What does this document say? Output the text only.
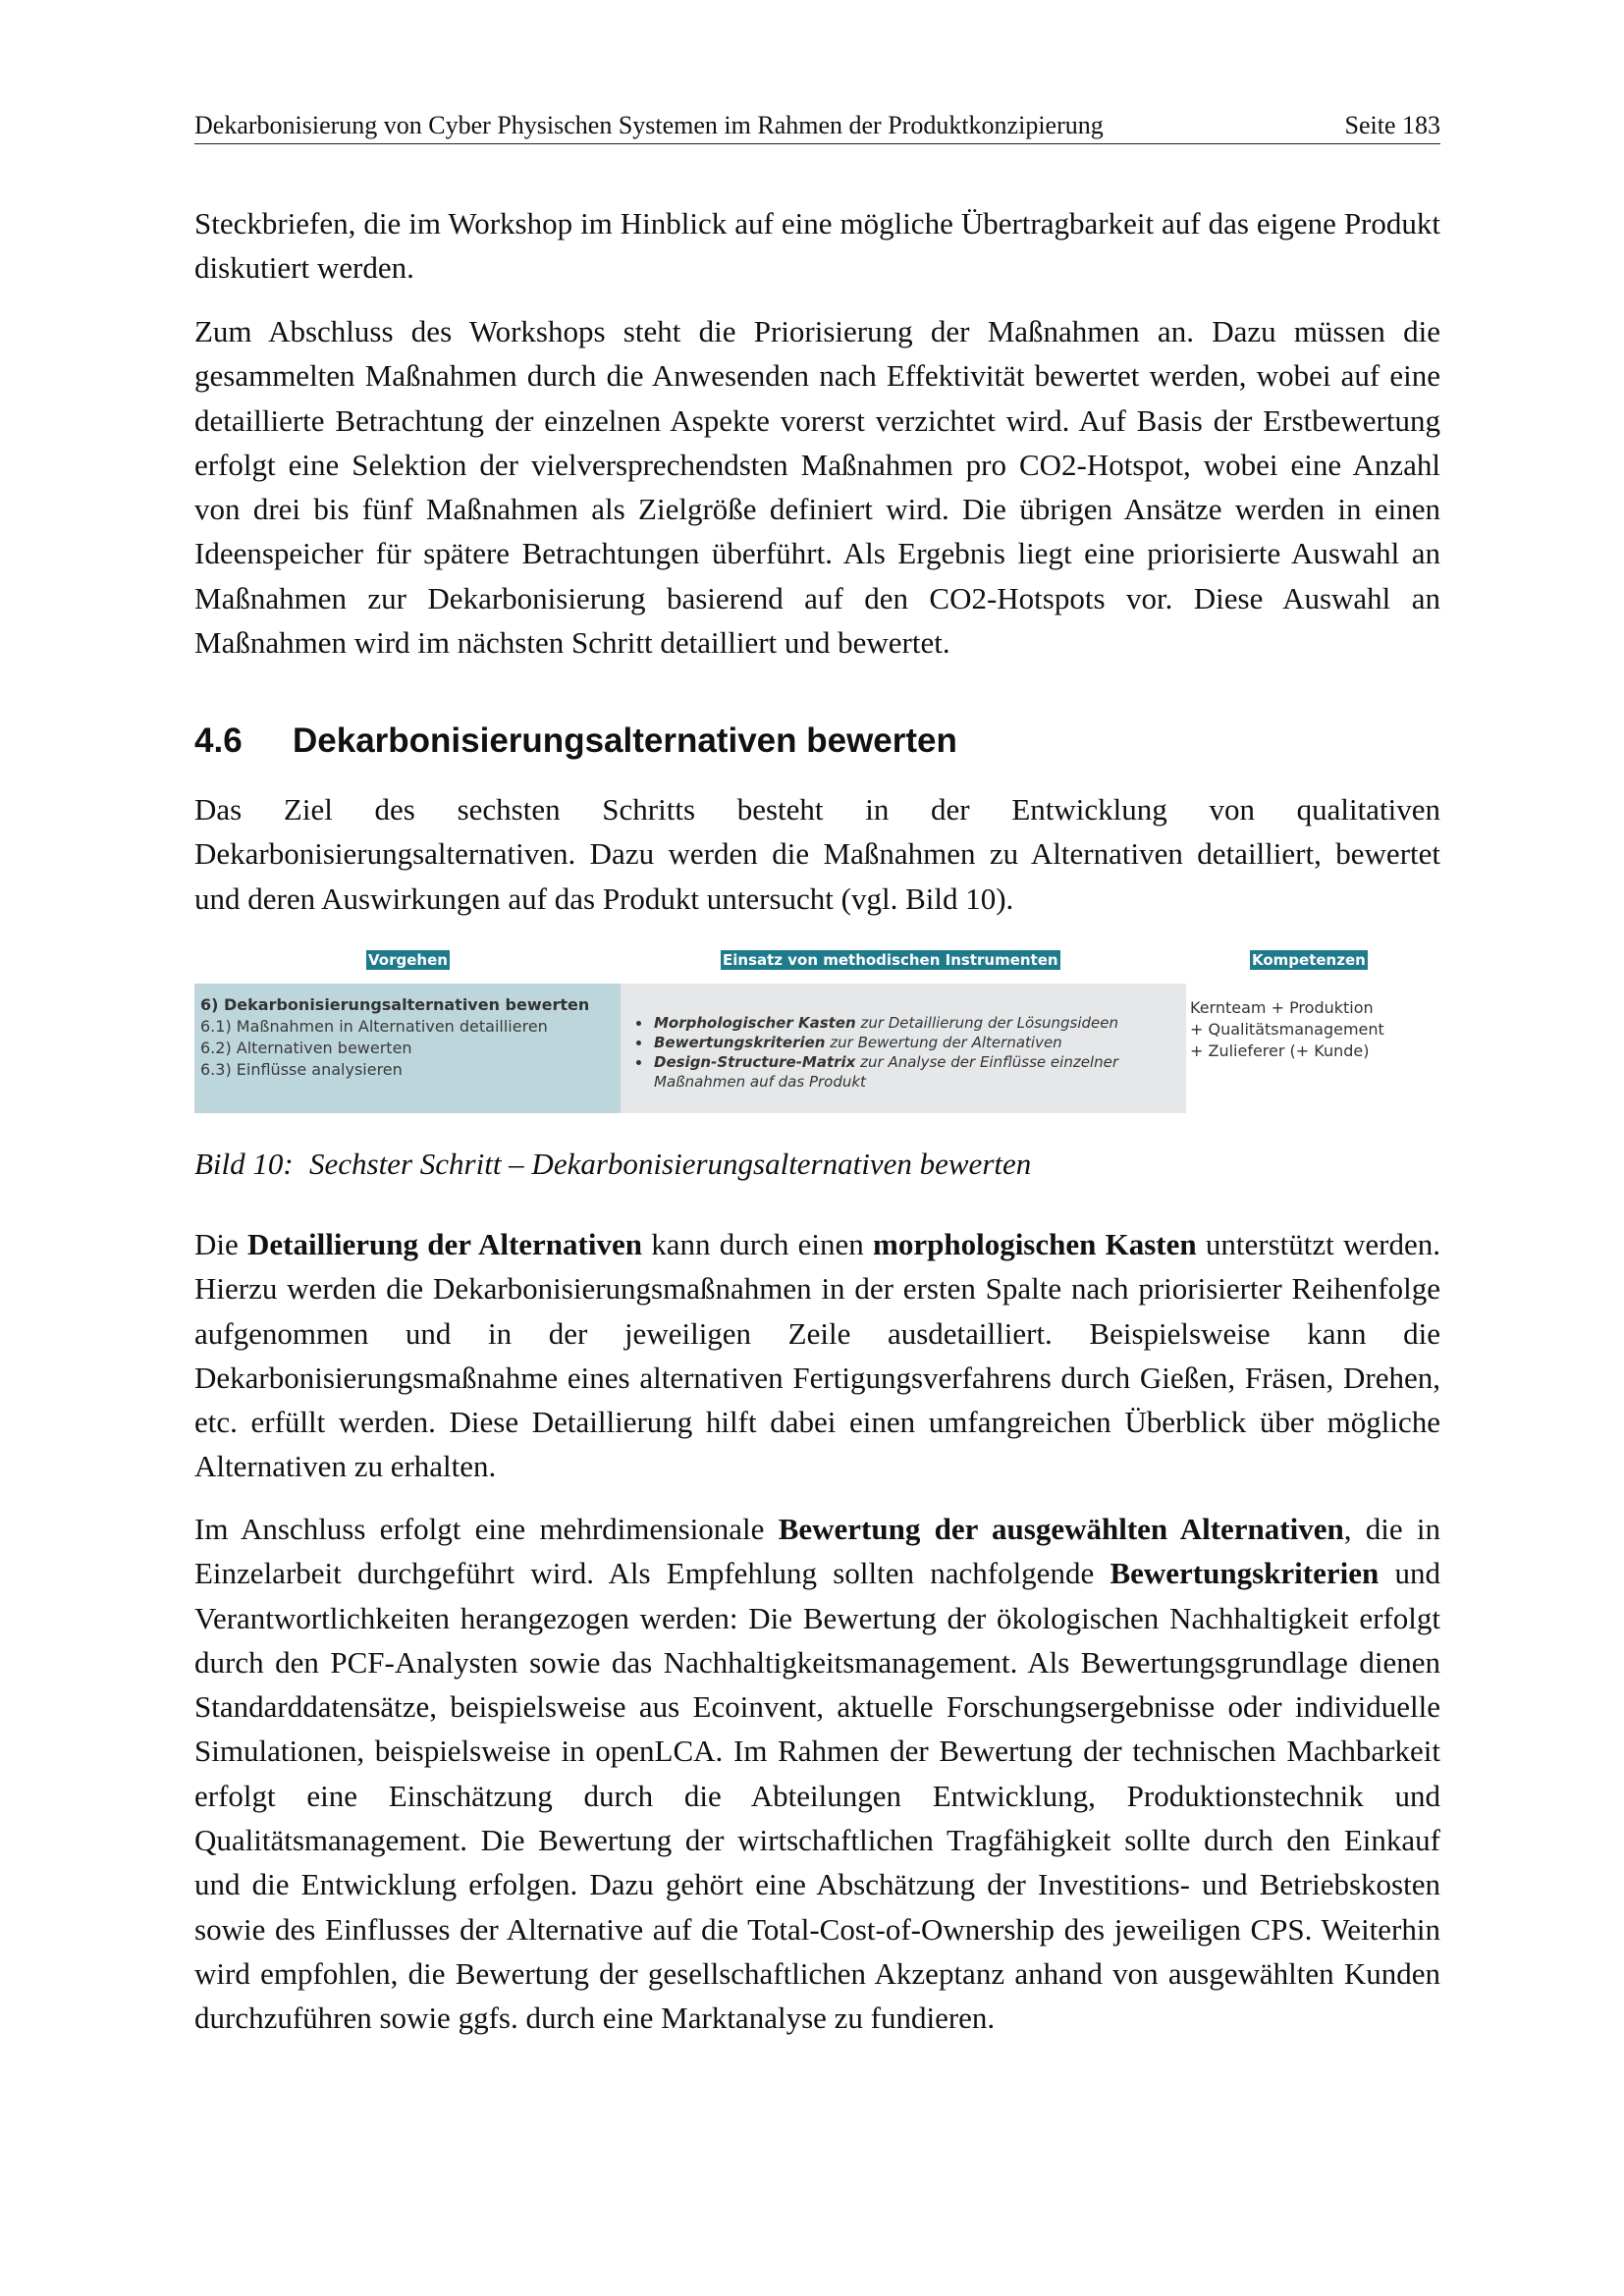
Dekarbonisierung von Cyber Physischen Systemen im Rahmen der Produktkonzipierung	Seite 183

Steckbriefen, die im Workshop im Hinblick auf eine mögliche Übertragbarkeit auf das eigene Produkt diskutiert werden.

Zum Abschluss des Workshops steht die Priorisierung der Maßnahmen an. Dazu müssen die gesammelten Maßnahmen durch die Anwesenden nach Effektivität bewertet werden, wobei auf eine detaillierte Betrachtung der einzelnen Aspekte vorerst verzichtet wird. Auf Basis der Erstbewertung erfolgt eine Selektion der vielversprechendsten Maßnahmen pro CO2-Hotspot, wobei eine Anzahl von drei bis fünf Maßnahmen als Zielgröße definiert wird. Die übrigen Ansätze werden in einen Ideenspeicher für spätere Betrachtungen überführt. Als Ergebnis liegt eine priorisierte Auswahl an Maßnahmen zur Dekarbonisierung basierend auf den CO2-Hotspots vor. Diese Auswahl an Maßnahmen wird im nächsten Schritt detailliert und bewertet.

4.6 Dekarbonisierungsalternativen bewerten

Das Ziel des sechsten Schritts besteht in der Entwicklung von qualitativen Dekarbonisierungsalternativen. Dazu werden die Maßnahmen zu Alternativen detailliert, bewertet und deren Auswirkungen auf das Produkt untersucht (vgl. Bild 10).

Vorgehen	Einsatz von methodischen Instrumenten	Kompetenzen
6) Dekarbonisierungsalternativen bewerten
6.1) Maßnahmen in Alternativen detaillieren
6.2) Alternativen bewerten
6.3) Einflüsse analysieren
Morphologischer Kasten zur Detaillierung der Lösungsideen
Bewertungskriterien zur Bewertung der Alternativen
Design-Structure-Matrix zur Analyse der Einflüsse einzelner
Maßnahmen auf das Produkt
Kernteam + Produktion
+ Qualitätsmanagement
+ Zulieferer (+ Kunde)
Bild 10: Sechster Schritt – Dekarbonisierungsalternativen bewerten

Die Detaillierung der Alternativen kann durch einen morphologischen Kasten unterstützt werden. Hierzu werden die Dekarbonisierungsmaßnahmen in der ersten Spalte nach priorisierter Reihenfolge aufgenommen und in der jeweiligen Zeile ausdetailliert. Beispielsweise kann die Dekarbonisierungsmaßnahme eines alternativen Fertigungsverfahrens durch Gießen, Fräsen, Drehen, etc. erfüllt werden. Diese Detaillierung hilft dabei einen umfangreichen Überblick über mögliche Alternativen zu erhalten.

Im Anschluss erfolgt eine mehrdimensionale Bewertung der ausgewählten Alternativen, die in Einzelarbeit durchgeführt wird. Als Empfehlung sollten nachfolgende Bewertungskriterien und Verantwortlichkeiten herangezogen werden: Die Bewertung der ökologischen Nachhaltigkeit erfolgt durch den PCF-Analysten sowie das Nachhaltigkeitsmanagement. Als Bewertungsgrundlage dienen Standarddatensätze, beispielsweise aus Ecoinvent, aktuelle Forschungsergebnisse oder individuelle Simulationen, beispielsweise in openLCA. Im Rahmen der Bewertung der technischen Machbarkeit erfolgt eine Einschätzung durch die Abteilungen Entwicklung, Produktionstechnik und Qualitätsmanagement. Die Bewertung der wirtschaftlichen Tragfähigkeit sollte durch den Einkauf und die Entwicklung erfolgen. Dazu gehört eine Abschätzung der Investitions- und Betriebskosten sowie des Einflusses der Alternative auf die Total-Cost-of-Ownership des jeweiligen CPS. Weiterhin wird empfohlen, die Bewertung der gesellschaftlichen Akzeptanz anhand von ausgewählten Kunden durchzuführen sowie ggfs. durch eine Marktanalyse zu fundieren.
